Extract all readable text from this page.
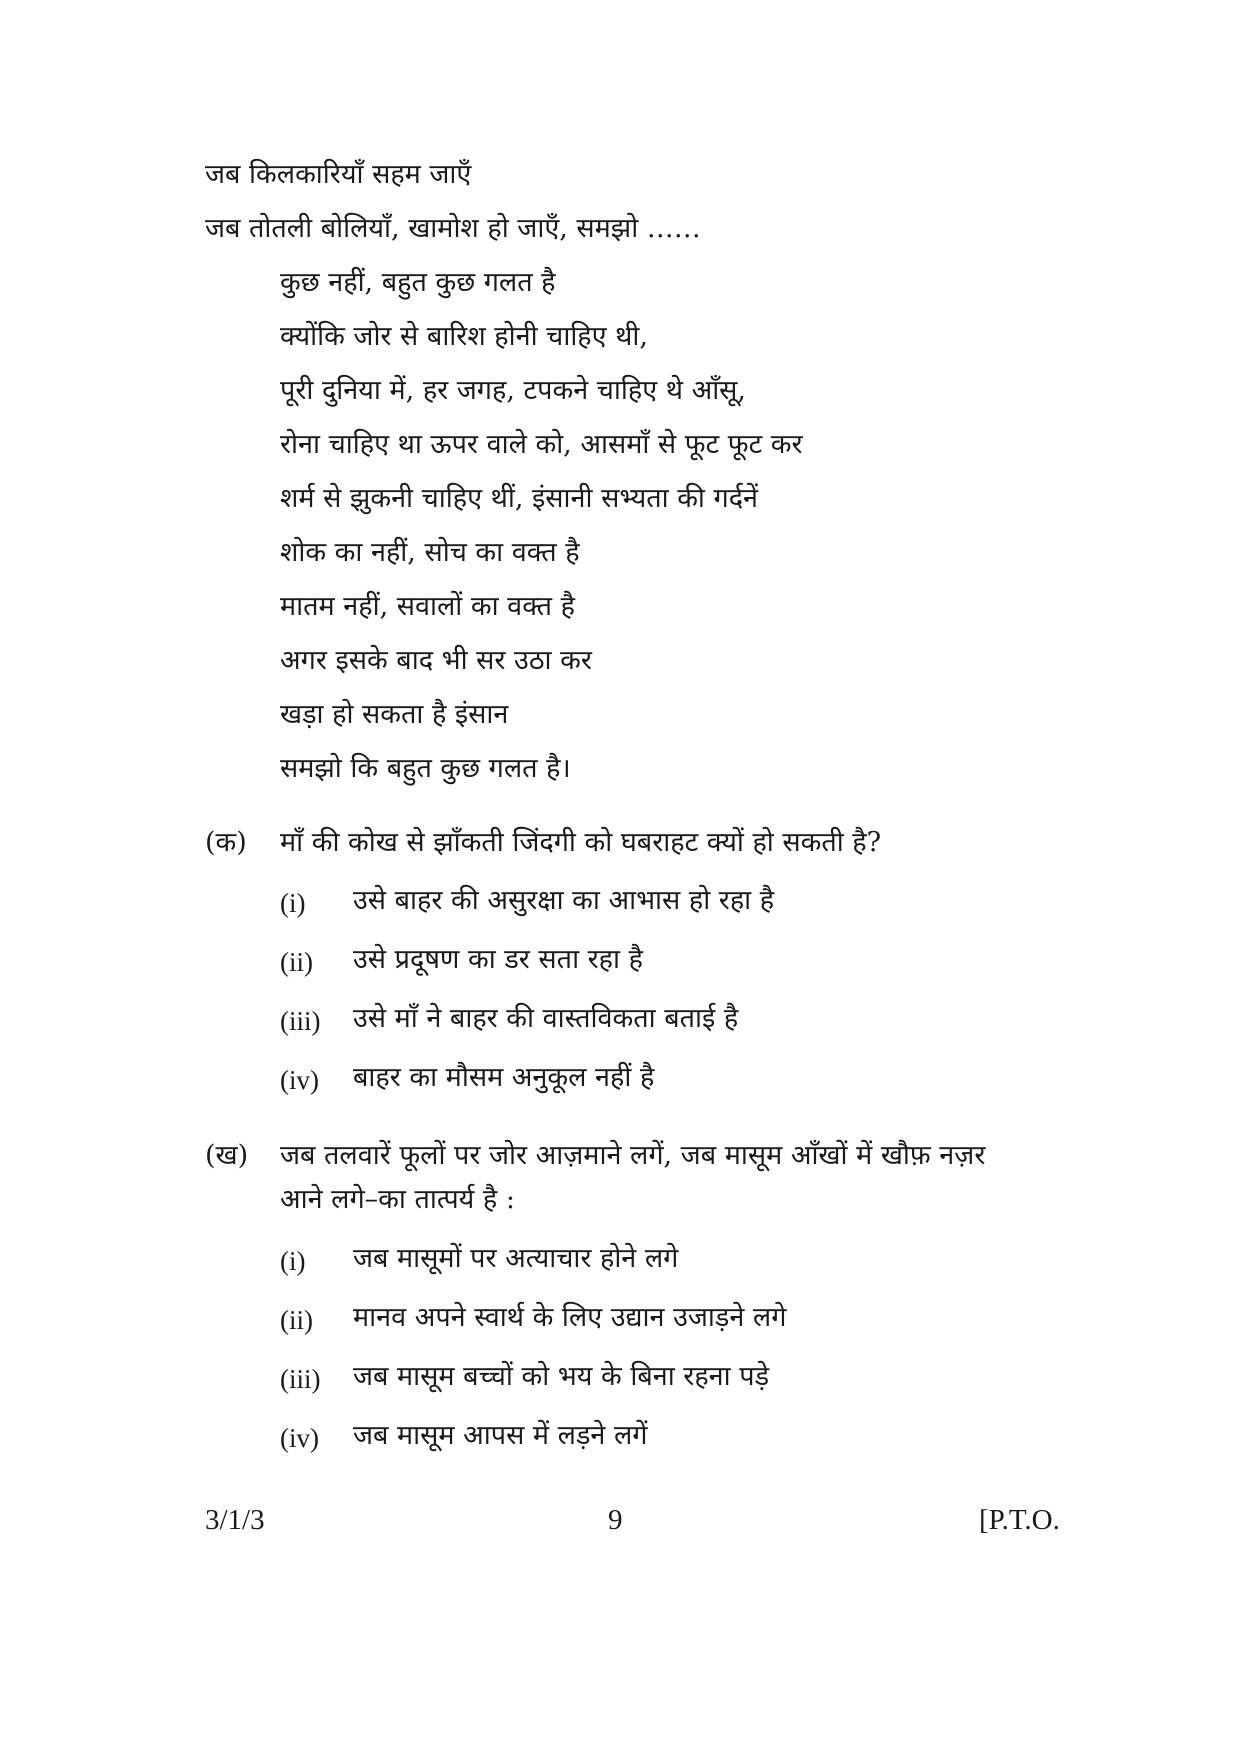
जब किलकारियाँ सहम जाएँ
जब तोतली बोलियाँ, खामोश हो जाएँ, समझो ……
कुछ नहीं, बहुत कुछ गलत है
क्योंकि जोर से बारिश होनी चाहिए थी,
पूरी दुनिया में, हर जगह, टपकने चाहिए थे आँसू,
रोना चाहिए था ऊपर वाले को, आसमाँ से फूट फूट कर
शर्म से झुकनी चाहिए थीं, इंसानी सभ्यता की गर्दनें
शोक का नहीं, सोच का वक्त है
मातम नहीं, सवालों का वक्त है
अगर इसके बाद भी सर उठा कर
खड़ा हो सकता है इंसान
समझो कि बहुत कुछ गलत है।
(क) माँ की कोख से झाँकती जिंदगी को घबराहट क्यों हो सकती है?
(i) उसे बाहर की असुरक्षा का आभास हो रहा है
(ii) उसे प्रदूषण का डर सता रहा है
(iii) उसे माँ ने बाहर की वास्तविकता बताई है
(iv) बाहर का मौसम अनुकूल नहीं है
(ख) जब तलवारें फूलों पर जोर आज़माने लगें, जब मासूम आँखों में खौफ़ नज़र आने लगे–का तात्पर्य है :
(i) जब मासूमों पर अत्याचार होने लगे
(ii) मानव अपने स्वार्थ के लिए उद्यान उजाड़ने लगे
(iii) जब मासूम बच्चों को भय के बिना रहना पड़े
(iv) जब मासूम आपस में लड़ने लगें
3/1/3	9	[P.T.O.
